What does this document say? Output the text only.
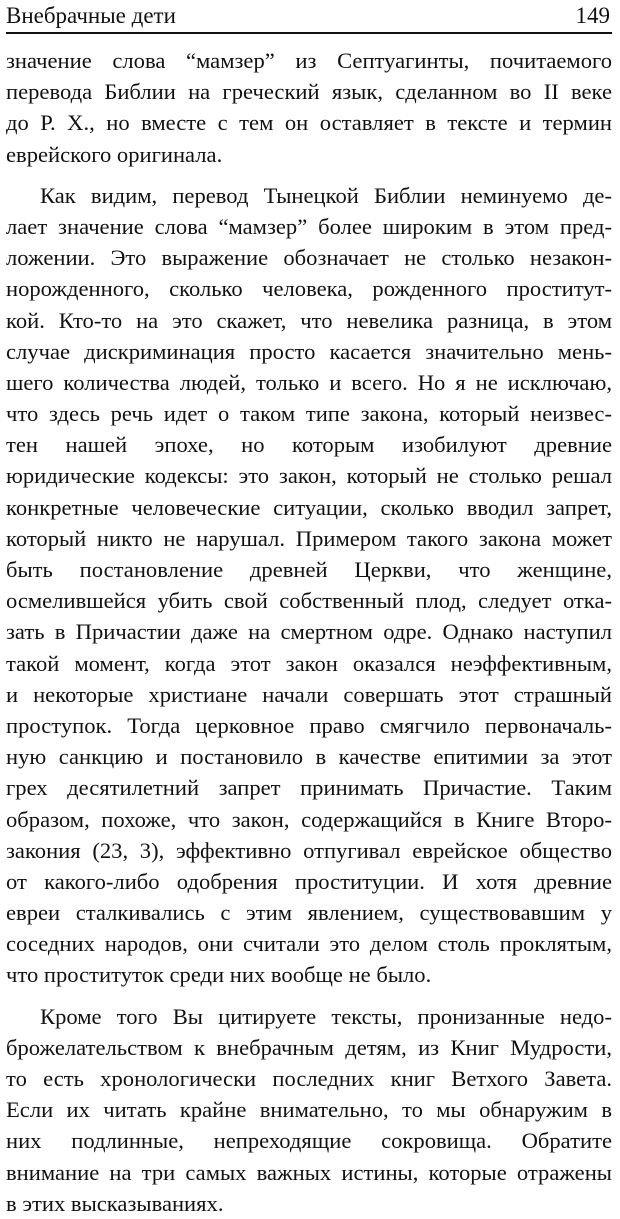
Внебрачные дети	149
значение слова “мамзер” из Септуагинты, почитаемого
перевода Библии на греческий язык, сделанном во II веке
до Р. Х., но вместе с тем он оставляет в тексте и термин
еврейского оригинала.
Как видим, перевод Тынецкой Библии неминуемо де-
лает значение слова “мамзер” более широким в этом пред-
ложении. Это выражение обозначает не столько незакон-
норожденного, сколько человека, рожденного проститут-
кой. Кто-то на это скажет, что невелика разница, в этом
случае дискриминация просто касается значительно мень-
шего количества людей, только и всего. Но я не исключаю,
что здесь речь идет о таком типе закона, который неизвес-
тен нашей эпохе, но которым изобилуют древние
юридические кодексы: это закон, который не столько решал
конкретные человеческие ситуации, сколько вводил запрет,
который никто не нарушал. Примером такого закона может
быть постановление древней Церкви, что женщине,
осмелившейся убить свой собственный плод, следует отка-
зать в Причастии даже на смертном одре. Однако наступил
такой момент, когда этот закон оказался неэффективным,
и некоторые христиане начали совершать этот страшный
проступок. Тогда церковное право смягчило первоначаль-
ную санкцию и постановило в качестве епитимии за этот
грех десятилетний запрет принимать Причастие. Таким
образом, похоже, что закон, содержащийся в Книге Второ-
закония (23, 3), эффективно отпугивал еврейское общество
от какого-либо одобрения проституции. И хотя древние
евреи сталкивались с этим явлением, существовавшим у
соседних народов, они считали это делом столь проклятым,
что проституток среди них вообще не было.
Кроме того Вы цитируете тексты, пронизанные недо-
брожелательством к внебрачным детям, из Книг Мудрости,
то есть хронологически последних книг Ветхого Завета.
Если их читать крайне внимательно, то мы обнаружим в
них подлинные, непреходящие сокровища. Обратите
внимание на три самых важных истины, которые отражены
в этих высказываниях.
